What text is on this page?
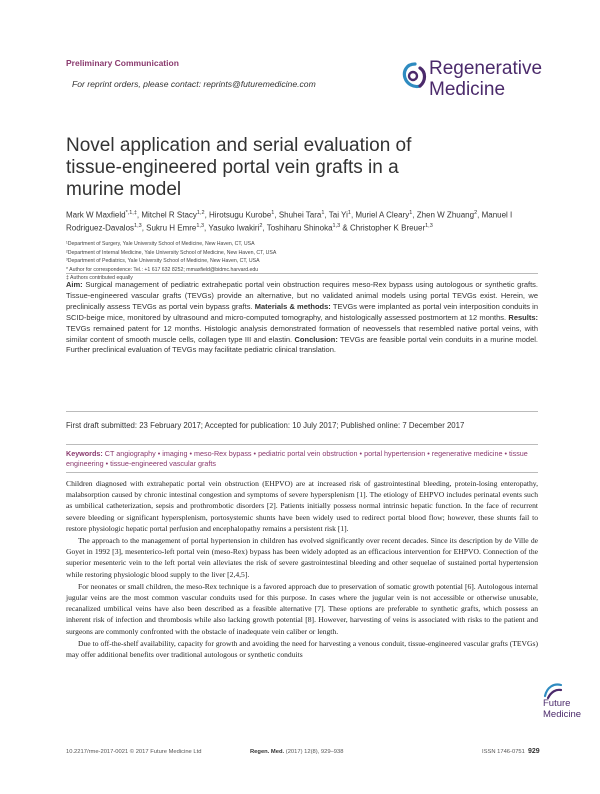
Preliminary Communication
For reprint orders, please contact: reprints@futuremedicine.com
Regenerative
Medicine
Novel application and serial evaluation of tissue-engineered portal vein grafts in a murine model
Mark W Maxfield$^{*,1,\ddagger}$, Mitchel R Stacy$^{1,2}$, Hirotsugu Kurobe$^1$, Shuhei Tara$^1$, Tai Yi$^1$, Muriel A Cleary$^1$, Zhen W Zhuang$^2$, Manuel I Rodriguez-Davalos$^{1,3}$, Sukru H Emre$^{1,3}$, Yasuko Iwakiri$^2$, Toshiharu Shinoka$^{1,3}$ & Christopher K Breuer$^{1,3}$
¹Department of Surgery, Yale University School of Medicine, New Haven, CT, USA
²Department of Internal Medicine, Yale University School of Medicine, New Haven, CT, USA
³Department of Pediatrics, Yale University School of Medicine, New Haven, CT, USA
* Author for correspondence: Tel.: +1 617 632 8252; mmaxfield@bidmc.harvard.edu
‡ Authors contributed equally
Aim: Surgical management of pediatric extrahepatic portal vein obstruction requires meso-Rex bypass using autologous or synthetic grafts. Tissue-engineered vascular grafts (TEVGs) provide an alternative, but no validated animal models using portal TEVGs exist. Herein, we preclinically assess TEVGs as portal vein bypass grafts. Materials & methods: TEVGs were implanted as portal vein interposition conduits in SCID-beige mice, monitored by ultrasound and micro-computed tomography, and histologically assessed postmortem at 12 months. Results: TEVGs remained patent for 12 months. Histologic analysis demonstrated formation of neovessels that resembled native portal veins, with similar content of smooth muscle cells, collagen type III and elastin. Conclusion: TEVGs are feasible portal vein conduits in a murine model. Further preclinical evaluation of TEVGs may facilitate pediatric clinical translation.
First draft submitted: 23 February 2017; Accepted for publication: 10 July 2017; Published online: 7 December 2017
Keywords: CT angiography • imaging • meso-Rex bypass • pediatric portal vein obstruction • portal hypertension • regenerative medicine • tissue engineering • tissue-engineered vascular grafts

Children diagnosed with extrahepatic portal vein obstruction (EHPVO) are at increased risk of gastrointestinal bleeding, protein-losing enteropathy, malabsorption caused by chronic intestinal congestion and symptoms of severe hypersplenism [1]. The etiology of EHPVO includes perinatal events such as umbilical catheterization, sepsis and prothrombotic disorders [2]. Patients initially possess normal intrinsic hepatic function. In the face of recurrent severe bleeding or significant hypersplenism, portosystemic shunts have been widely used to redirect portal blood flow; however, these shunts fail to restore physiologic hepatic portal perfusion and encephalopathy remains a persistent risk [1].

The approach to the management of portal hypertension in children has evolved significantly over recent decades. Since its description by de Ville de Goyet in 1992 [3], mesenterico-left portal vein (meso-Rex) bypass has been widely adopted as an efficacious intervention for EHPVO. Connection of the superior mesenteric vein to the left portal vein alleviates the risk of severe gastrointestinal bleeding and other sequelae of sustained portal hypertension while restoring physiologic blood supply to the liver [2,4,5].

For neonates or small children, the meso-Rex technique is a favored approach due to preservation of somatic growth potential [6]. Autologous internal jugular veins are the most common vascular conduits used for this purpose. In cases where the jugular vein is not accessible or otherwise unusable, recanalized umbilical veins have also been described as a feasible alternative [7]. These options are preferable to synthetic grafts, which possess an inherent risk of infection and thrombosis while also lacking growth potential [8]. However, harvesting of veins is associated with risks to the patient and surgeons are commonly confronted with the obstacle of inadequate vein caliber or length.

Due to off-the-shelf availability, capacity for growth and avoiding the need for harvesting a venous conduit, tissue-engineered vascular grafts (TEVGs) may offer additional benefits over traditional autologous or synthetic conduits

Future
Medicine
10.2217/rme-2017-0021 © 2017 Future Medicine Ltd	Regen. Med. (2017) 12(8), 929–938	ISSN 1746-0751 929
